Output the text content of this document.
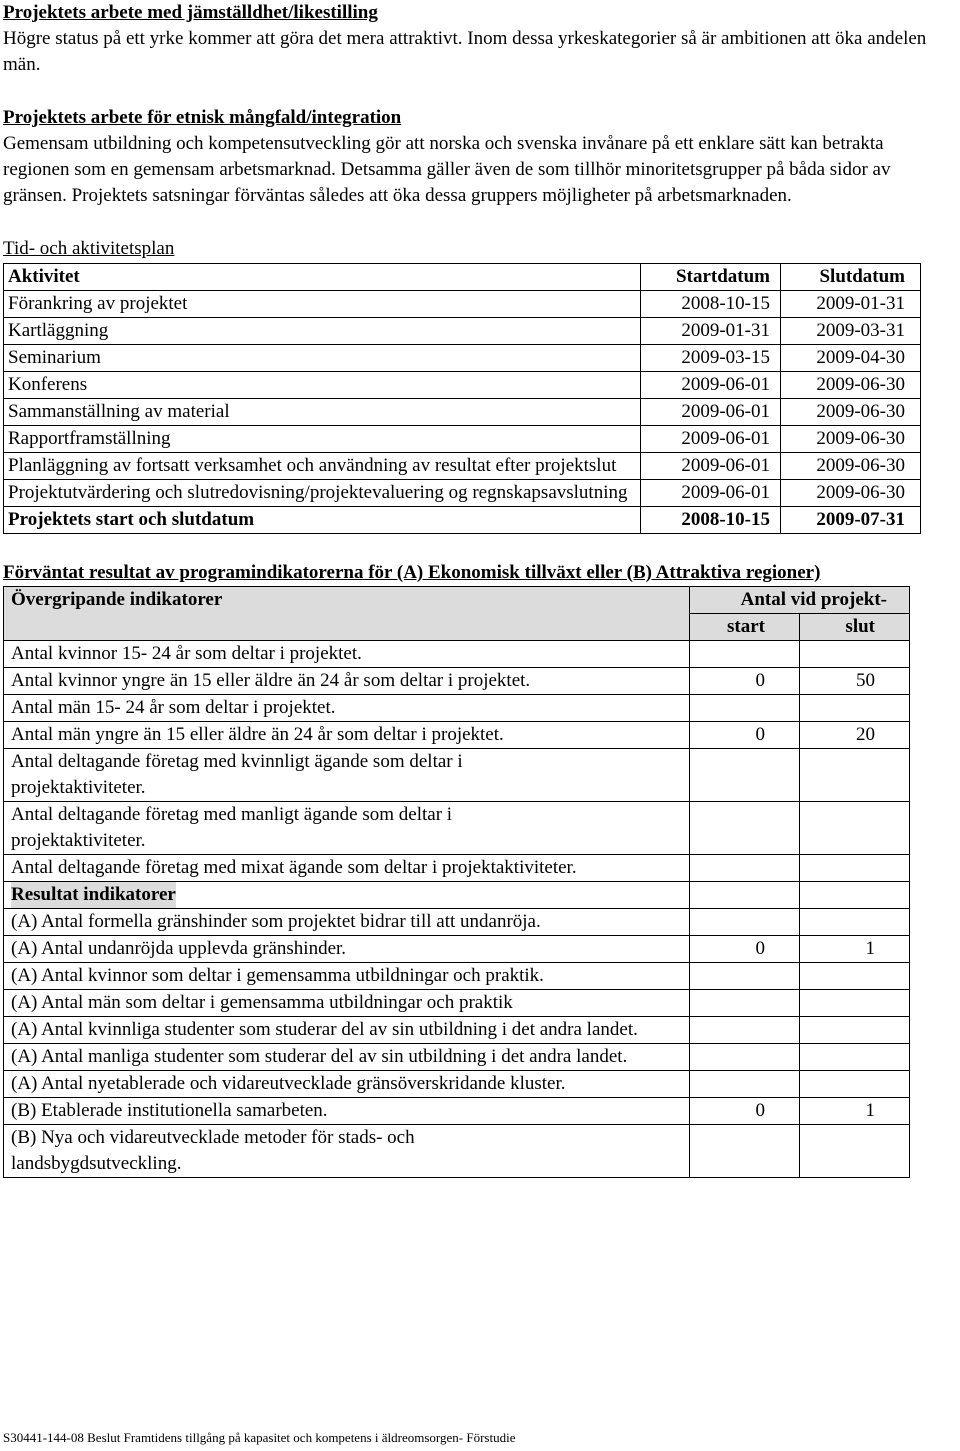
Projektets arbete med jämställdhet/likestilling

Högre status på ett yrke kommer att göra det mera attraktivt. Inom dessa yrkeskategorier så är ambitionen att öka andelen män.

Projektets arbete för etnisk mångfald/integration

Gemensam utbildning och kompetensutveckling gör att norska och svenska invånare på ett enklare sätt kan betrakta regionen som en gemensam arbetsmarknad. Detsamma gäller även de som tillhör minoritetsgrupper på båda sidor av gränsen. Projektets satsningar förväntas således att öka dessa gruppers möjligheter på arbetsmarknaden.

Tid- och aktivitetsplan
Aktivitet	Startdatum	Slutdatum
Förankring av projektet	2008-10-15	2009-01-31
Kartläggning	2009-01-31	2009-03-31
Seminarium	2009-03-15	2009-04-30
Konferens	2009-06-01	2009-06-30
Sammanställning av material	2009-06-01	2009-06-30
Rapportframställning	2009-06-01	2009-06-30
Planläggning av fortsatt verksamhet och användning av resultat efter projektslut	2009-06-01	2009-06-30
Projektutvärdering och slutredovisning/projektevaluering og regnskapsavslutning	2009-06-01	2009-06-30
Projektets start och slutdatum	2008-10-15	2009-07-31
Förväntat resultat av programindikatorerna för (A) Ekonomisk tillväxt eller (B) Attraktiva regioner)
Övergripande indikatorer	Antal vid projekt-	
	start	slut
Antal kvinnor 15- 24 år som deltar i projektet.		
Antal kvinnor yngre än 15 eller äldre än 24 år som deltar i projektet.	0	50
Antal män 15- 24 år som deltar i projektet.		
Antal män yngre än 15 eller äldre än 24 år som deltar i projektet.	0	20
Antal deltagande företag med kvinnligt ägande som deltar i projektaktiviteter.		
Antal deltagande företag med manligt ägande som deltar i projektaktiviteter.		
Antal deltagande företag med mixat ägande som deltar i projektaktiviteter.		
Resultat indikatorer		
(A) Antal formella gränshinder som projektet bidrar till att undanröja.		
(A) Antal undanröjda upplevda gränshinder.	0	1
(A) Antal kvinnor som deltar i gemensamma utbildningar och praktik.		
(A) Antal män som deltar i gemensamma utbildningar och praktik		
(A) Antal kvinnliga studenter som studerar del av sin utbildning i det andra landet.		
(A) Antal manliga studenter som studerar del av sin utbildning i det andra landet.		
(A) Antal nyetablerade och vidareutvecklade gränsöverskridande kluster.		
(B) Etablerade institutionella samarbeten.	0	1
(B) Nya och vidareutvecklade metoder för stads- och landsbygdsutveckling.		
S30441-144-08 Beslut Framtidens tillgång på kapasitet och kompetens i äldreomsorgen- Förstudie
